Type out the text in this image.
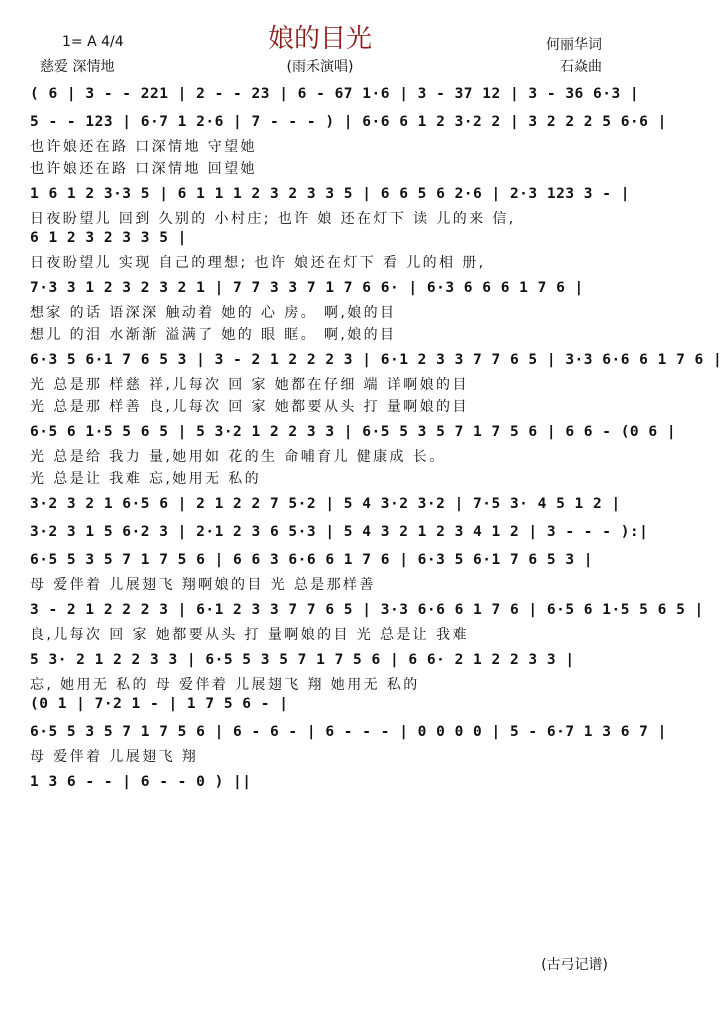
1= A 4/4
慈爱 深情地
娘的目光
(雨禾演唱)
何丽华词
石焱曲
( 6 | 3 - - 221 | 2 - - 23 | 6 - 67 1·6 | 3 - 37 12 | 3 - 36 6·3 |
5 - - 123 | 6·7 1 2·6 | 7 - - - ) | 6·6 6 1 2 3·2 2 | 3 2 2 2 5 6·6 |
也许娘还在路 口深情地 守望她
也许娘还在路 口深情地 回望她
1 6 1 2 3·3 5 | 6 1 1 1 2 3 2 3 3 5 | 6 6 5 6 2·6 | 2·3 123 3 - |
日夜盼望儿 回到 久别的 小村庄; 也许 娘 还在灯下 读 儿的来 信,
6 1 2 3 2 3 3 5 |
日夜盼望儿 实现 自己的理想; 也许 娘还在灯下 看 儿的相 册,
7·3 3 1 2 3 2 3 2 1 | 7 7 3 3 7 1 7 6 6· | 6·3 6 6 6 1 7 6 |
想家 的话 语深深 触动着 她的 心 房。 啊,娘的目
想儿 的泪 水渐渐 溢满了 她的 眼 眶。 啊,娘的目
6·3 5 6·1 7 6 5 3 | 3 - 2 1 2 2 2 3 | 6·1 2 3 3 7 7 6 5 | 3·3 6·6 6 1 7 6 |
光 总是那 样慈 祥,儿每次 回 家 她都在仔细 端 详啊娘的目
光 总是那 样善 良,儿每次 回 家 她都要从头 打 量啊娘的目
6·5 6 1·5 5 6 5 | 5 3·2 1 2 2 3 3 | 6·5 5 3 5 7 1 7 5 6 | 6 6 - (0 6 |
光 总是给 我力 量,她用如 花的生 命哺育儿 健康成 长。
光 总是让 我难 忘,她用无 私的
3·2 3 2 1 6·5 6 | 2 1 2 2 7 5·2 | 5 4 3·2 3·2 | 7·5 3· 4 5 1 2 |
3·2 3 1 5 6·2 3 | 2·1 2 3 6 5·3 | 5 4 3 2 1 2 3 4 1 2 | 3 - - - ):|
6·5 5 3 5 7 1 7 5 6 | 6 6 3 6·6 6 1 7 6 | 6·3 5 6·1 7 6 5 3 |
母 爱伴着 儿展翅飞 翔啊娘的目 光 总是那样善
3 - 2 1 2 2 2 3 | 6·1 2 3 3 7 7 6 5 | 3·3 6·6 6 1 7 6 | 6·5 6 1·5 5 6 5 |
良,儿每次 回 家 她都要从头 打 量啊娘的目 光 总是让 我难
5 3· 2 1 2 2 3 3 | 6·5 5 3 5 7 1 7 5 6 | 6 6· 2 1 2 2 3 3 |
忘, 她用无 私的 母 爱伴着 儿展翅飞 翔 她用无 私的
(0 1 | 7·2 1 - | 1 7 5 6 - |
6·5 5 3 5 7 1 7 5 6 | 6 - 6 - | 6 - - - | 0 0 0 0 | 5 - 6·7 1 3 6 7 |
母 爱伴着 儿展翅飞 翔
1 3 6 - - | 6 - - 0 ) ||
(古弓记谱)
